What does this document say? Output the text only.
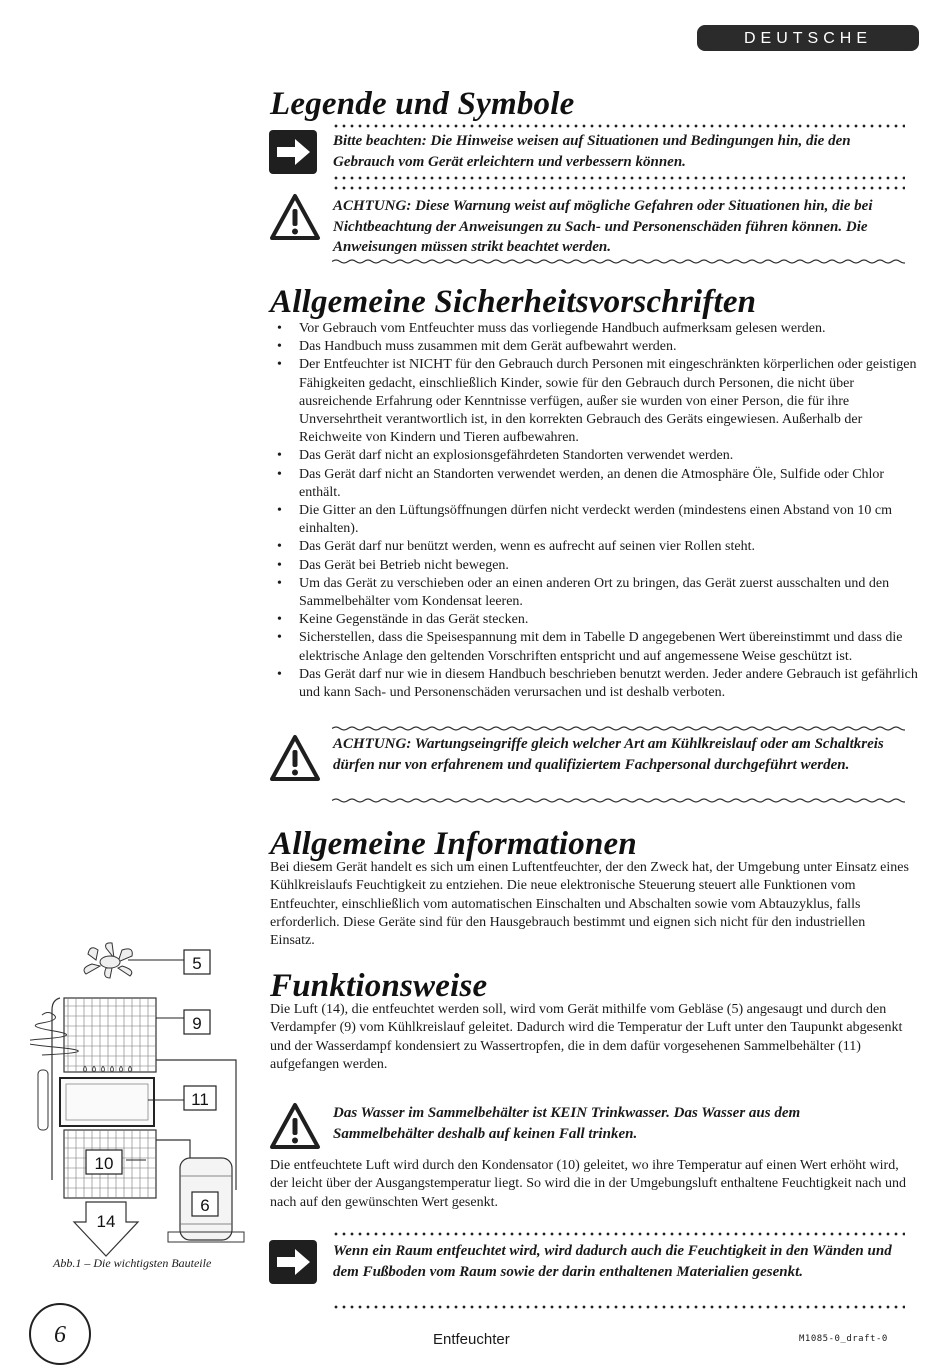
DEUTSCHE
Legende und Symbole
Bitte beachten: Die Hinweise weisen auf Situationen und Bedingungen hin, die den Gebrauch vom Gerät erleichtern und verbessern können.
ACHTUNG: Diese Warnung weist auf mögliche Gefahren oder Situationen hin, die bei Nichtbeachtung der Anweisungen zu Sach- und Personenschäden führen können. Die Anweisungen müssen strikt beachtet werden.
Allgemeine Sicherheitsvorschriften
• Vor Gebrauch vom Entfeuchter muss das vorliegende Handbuch aufmerksam gelesen werden.
• Das Handbuch muss zusammen mit dem Gerät aufbewahrt werden.
• Der Entfeuchter ist NICHT für den Gebrauch durch Personen mit eingeschränkten körperlichen oder geistigen Fähigkeiten gedacht, einschließlich Kinder, sowie für den Gebrauch durch Personen, die nicht über ausreichende Erfahrung oder Kenntnisse verfügen, außer sie wurden von einer Person, die für ihre Unversehrtheit verantwortlich ist, in den korrekten Gebrauch des Geräts eingewiesen. Außerhalb der Reichweite von Kindern und Tieren aufbewahren.
• Das Gerät darf nicht an explosionsgefährdeten Standorten verwendet werden.
• Das Gerät darf nicht an Standorten verwendet werden, an denen die Atmosphäre Öle, Sulfide oder Chlor enthält.
• Die Gitter an den Lüftungsöffnungen dürfen nicht verdeckt werden (mindestens einen Abstand von 10 cm einhalten).
• Das Gerät darf nur benützt werden, wenn es aufrecht auf seinen vier Rollen steht.
• Das Gerät bei Betrieb nicht bewegen.
• Um das Gerät zu verschieben oder an einen anderen Ort zu bringen, das Gerät zuerst ausschalten und den Sammelbehälter vom Kondensat leeren.
• Keine Gegenstände in das Gerät stecken.
• Sicherstellen, dass die Speisespannung mit dem in Tabelle D angegebenen Wert übereinstimmt und dass die elektrische Anlage den geltenden Vorschriften entspricht und auf angemessene Weise geschützt ist.
• Das Gerät darf nur wie in diesem Handbuch beschrieben benutzt werden. Jeder andere Gebrauch ist gefährlich und kann Sach- und Personenschäden verursachen und ist deshalb verboten.
ACHTUNG: Wartungseingriffe gleich welcher Art am Kühlkreislauf oder am Schaltkreis dürfen nur von erfahrenem und qualifiziertem Fachpersonal durchgeführt werden.
Allgemeine Informationen
Bei diesem Gerät handelt es sich um einen Luftentfeuchter, der den Zweck hat, der Umgebung unter Einsatz eines Kühlkreislaufs Feuchtigkeit zu entziehen. Die neue elektronische Steuerung steuert alle Funktionen vom Entfeuchter, einschließlich vom automatischen Einschalten und Abschalten sowie vom Abtauzyklus, falls erforderlich. Diese Geräte sind für den Hausgebrauch bestimmt und eignen sich nicht für den industriellen Einsatz.
Funktionsweise
Die Luft (14), die entfeuchtet werden soll, wird vom Gerät mithilfe vom Gebläse (5) angesaugt und durch den Verdampfer (9) vom Kühlkreislauf geleitet. Dadurch wird die Temperatur der Luft unter den Taupunkt abgesenkt und der Wasserdampf kondensiert zu Wassertropfen, die in dem dafür vorgesehenen Sammelbehälter (11) aufgefangen werden.
Das Wasser im Sammelbehälter ist KEIN Trinkwasser. Das Wasser aus dem Sammelbehälter deshalb auf keinen Fall trinken.
Die entfeuchtete Luft wird durch den Kondensator (10) geleitet, wo ihre Temperatur auf einen Wert erhöht wird, der leicht über der Ausgangstemperatur liegt. So wird die in der Umgebungsluft enthaltene Feuchtigkeit nach und nach auf den gewünschten Wert gesenkt.
Wenn ein Raum entfeuchtet wird, wird dadurch auch die Feuchtigkeit in den Wänden und dem Fußboden vom Raum sowie der darin enthaltenen Materialien gesenkt.
5
9
11
10
6
14
Abb.1 – Die wichtigsten Bauteile
6	Entfeuchter	M1085-0_draft-0
